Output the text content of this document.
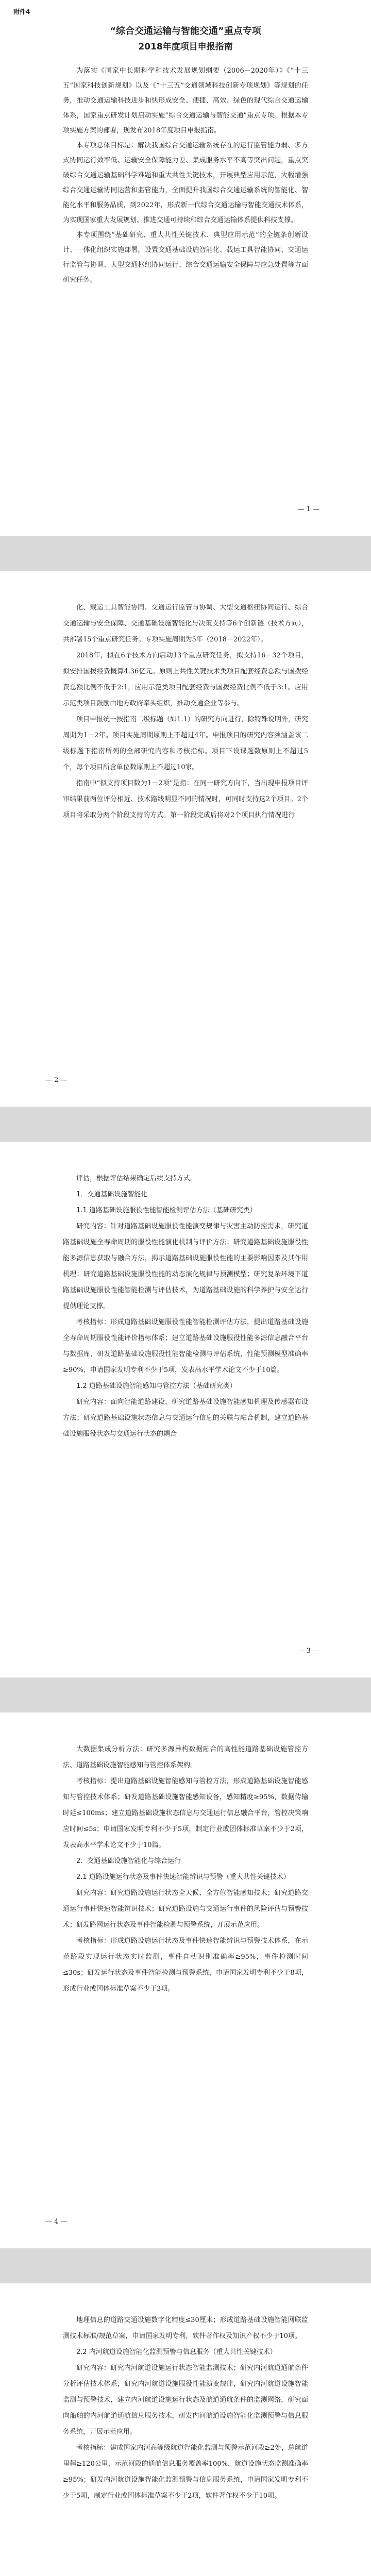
附件4
“综合交通运输与智能交通”重点专项
2018年度项目申报指南

为落实《国家中长期科学和技术发展规划纲要（2006－2020年）》《“十三五”国家科技创新规划》以及《“十三五”交通领域科技创新专项规划》等规划的任务，推动交通运输科技进步和快形成安全、便捷、高效、绿色的现代综合交通运输体系，国家重点研发计划启动实施“综合交通运输与智能交通”重点专项。根据本专项实施方案的部署，现发布2018年度项目申报指南。

本专项总体目标是：解决我国综合交通运输系统存在的运行监管能力弱、多方式协同运行效率低、运输安全保障能力差、集成服务水平不高等突出问题，重点突破综合交通运输基础科学难题和重大共性关键技术，开展典型应用示范，大幅增强综合交通运输协同运营和监管能力，全面提升我国综合交通运输系统的智能化、智能化水平和服务品质，到2022年，形成新一代综合交通运输与智能交通技术体系，为实现国家重大发展规划、推进交通可持续和综合交通运输体系提供科技支撑。

本专项围绕“基础研究、重大共性关键技术、典型应用示范”的全链条创新设计、一体化组织实施部署，设置交通基础设施智能化、载运工具智能协同、交通运行监管与协调、大型交通枢纽协同运行、综合交通运输安全保障与应急处置等方面研究任务。

— 1 —

化、载运工具智能协同、交通运行监管与协调、大型交通枢纽协同运行、综合交通运输与安全保障、交通基础设施智能化与决策支持等6个创新链（技术方向），共部署15个重点研究任务。专项实施周期为5年（2018－2022年）。

2018年，拟在6个技术方向启动13个重点研究任务，拟支持16－32个项目，拟安排国拨经费概算4.36亿元。原则上共性关键技术类项目配套经费总额与国拨经费总额比例不低于2:1，应用示范类项目配套经费与国拨经费比例不低于3:1。应用示范类项目鼓励由地方政府牵头组织，推动交通企业等参与。

项目申报统一按指南二级标题（如1.1）的研究方向进行，除特殊说明外，研究周期为1－2年。项目实施周期原则上不超过4年。申报项目的研究内容须涵盖该二级标题下指南所列的全部研究内容和考核指标。项目下设课题数原则上不超过5个，每个项目所含单位数原则上不超过10家。

指南中“拟支持项目数为1－2项”是指：在同一研究方向下，当出现申报项目评审结果前两位评分相近、技术路线明显不同的情况时，可同时支持这2个项目。2个项目将采取分两个阶段支持的方式。第一阶段完成后将对2个项目执行情况进行

— 2 —

评估，根据评估结果确定后续支持方式。

1．交通基础设施智能化

1.1 道路基础设施服役性能智能检测评估方法（基础研究类）

研究内容：针对道路基础设施服役性能演变规律与灾害主动防控需求，研究道路基础设施全寿命周期的服役性能演化机制与评价方法；研究道路基础设施服役性能多源信息获取与融合方法，揭示道路基础设施服役性能的主要影响因素及其作用机理；研究道路基础设施服役性能的动态演化规律与预测模型；研究复杂环境下道路基础设施服役性能智能检测与评估技术，为道路基础设施的科学养护与安全运行提供理论支撑。

考核指标：形成道路基础设施服役性能智能检测评估方法，提出道路基础设施全寿命周期服役性能评价指标体系；建立道路基础设施服役性能多源信息融合平台与数据库，研发道路基础设施服役性能智能检测与评估系统，性能预测模型准确率≥90%，申请国家发明专利不少于5项，发表高水平学术论文不少于10篇。

1.2 道路基础设施智能感知与管控方法（基础研究类）

研究内容：面向智能道路建设，研究道路基础设施智能感知机理及传感器布设方法；研究道路基础设施状态信息与交通运行信息的关联与融合机制，建立道路基础设施服役状态与交通运行状态的耦合

— 3 —

大数据集成分析方法：研究多源异构数据融合的高性能道路基础设施管控方法、道路基础设施智能感知与管控体系架构。

考核指标：提出道路基础设施智能感知与管控方法，形成道路基础设施智能感知与管控技术体系；研发道路基础设施智能感知设备，感知精度≥95%，数据传输时延≤100ms；建立道路基础设施状态信息与交通运行信息融合平台，管控决策响应时间≤5s；申请国家发明专利不少于5项，制定行业或团体标准草案不少于2项，发表高水平学术论文不少于10篇。

2．交通基础设施智能化与综合运行

2.1 道路设施运行状态及事件快速智能辨识与预警（重大共性关键技术）

研究内容：研究道路设施运行状态全天候、全方位智能感知技术；研究道路交通运行事件快速智能辨识技术；研究道路设施与交通运行事件的风险评估与预警技术；研发路网运行状态及事件智能检测与预警系统，开展示范应用。

考核指标：形成道路设施运行状态及事件快速智能辨识与预警技术体系，在示范路段实现运行状态实时监测，事件自动识别准确率≥95%，事件检测时间≤30s；研发运行状态及事件智能检测与预警系统，申请国家发明专利不少于8项，形成行业或团体标准草案不少于3项。

— 4 —

地理信息的道路交通设施数字化精度≤30厘米；形成道路基础设施智能网联监测技术标准/规范草案，申请国家发明专利，软件著作权及知识产权不少于10项。

2.2 内河航道设施智能化监测预警与信息服务（重大共性关键技术）

研究内容：研究内河航道设施运行状态智能监测技术；研究内河航道通航条件分析评估技术体系，研究内河航道设施服役性能演变规律，研究内河航道设施智能监测与预警技术，建立内河航道设施运行状态及航道通航条件的监测网络，研究面向船舶的内河航道通航信息服务技术，研发内河航道设施智能化监测预警与信息服务系统，开展示范应用。

考核指标：建成国家内河高等级航道智能化监测与预警示范河段≥2处，总航道里程≥120公里，示范河段的通航信息服务覆盖率100%，航道设施状态监测准确率≥95%；研发内河航道设施智能化监测预警与信息服务系统，申请国家发明专利不少于5项，制定行业或团体标准草案不少于2项，软件著作权不少于10项。
